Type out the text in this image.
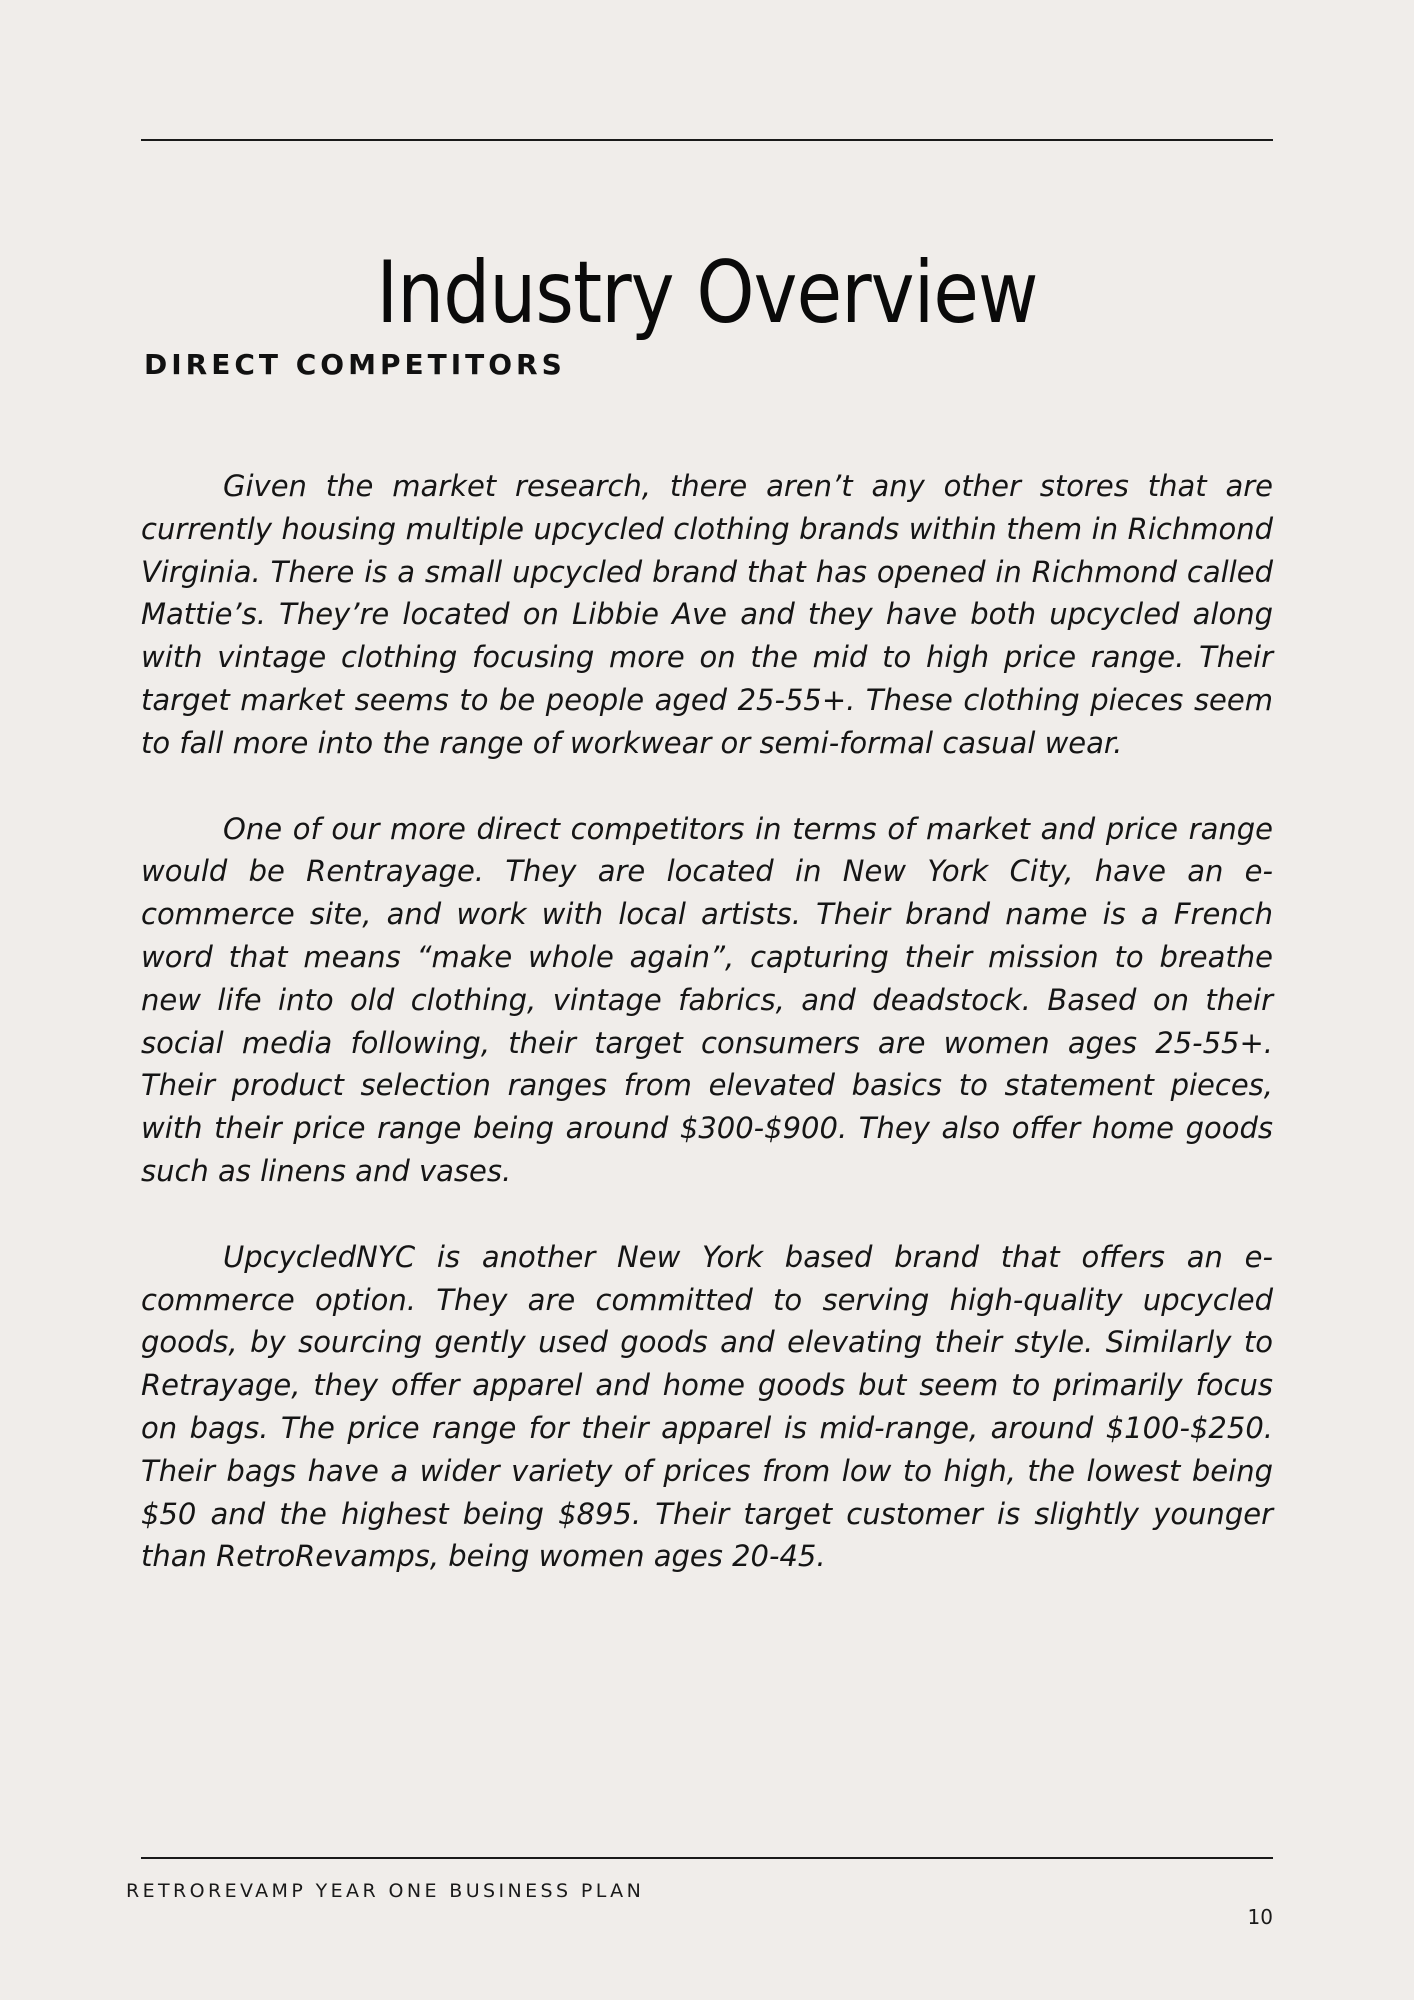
Industry Overview
DIRECT COMPETITORS

Given the market research, there aren’t any other stores that are currently housing multiple upcycled clothing brands within them in Richmond Virginia. There is a small upcycled brand that has opened in Richmond called Mattie’s. They’re located on Libbie Ave and they have both upcycled along with vintage clothing focusing more on the mid to high price range. Their target market seems to be people aged 25-55+. These clothing pieces seem to fall more into the range of workwear or semi-formal casual wear.

One of our more direct competitors in terms of market and price range would be Rentrayage. They are located in New York City, have an e-commerce site, and work with local artists. Their brand name is a French word that means “make whole again”, capturing their mission to breathe new life into old clothing, vintage fabrics, and deadstock. Based on their social media following, their target consumers are women ages 25-55+. Their product selection ranges from elevated basics to statement pieces, with their price range being around $300-$900. They also offer home goods such as linens and vases.

UpcycledNYC is another New York based brand that offers an e-commerce option. They are committed to serving high-quality upcycled goods, by sourcing gently used goods and elevating their style. Similarly to Retrayage, they offer apparel and home goods but seem to primarily focus on bags. The price range for their apparel is mid-range, around $100-$250. Their bags have a wider variety of prices from low to high, the lowest being $50 and the highest being $895. Their target customer is slightly younger than RetroRevamps, being women ages 20-45.

RETROREVAMP YEAR ONE BUSINESS PLAN
10
